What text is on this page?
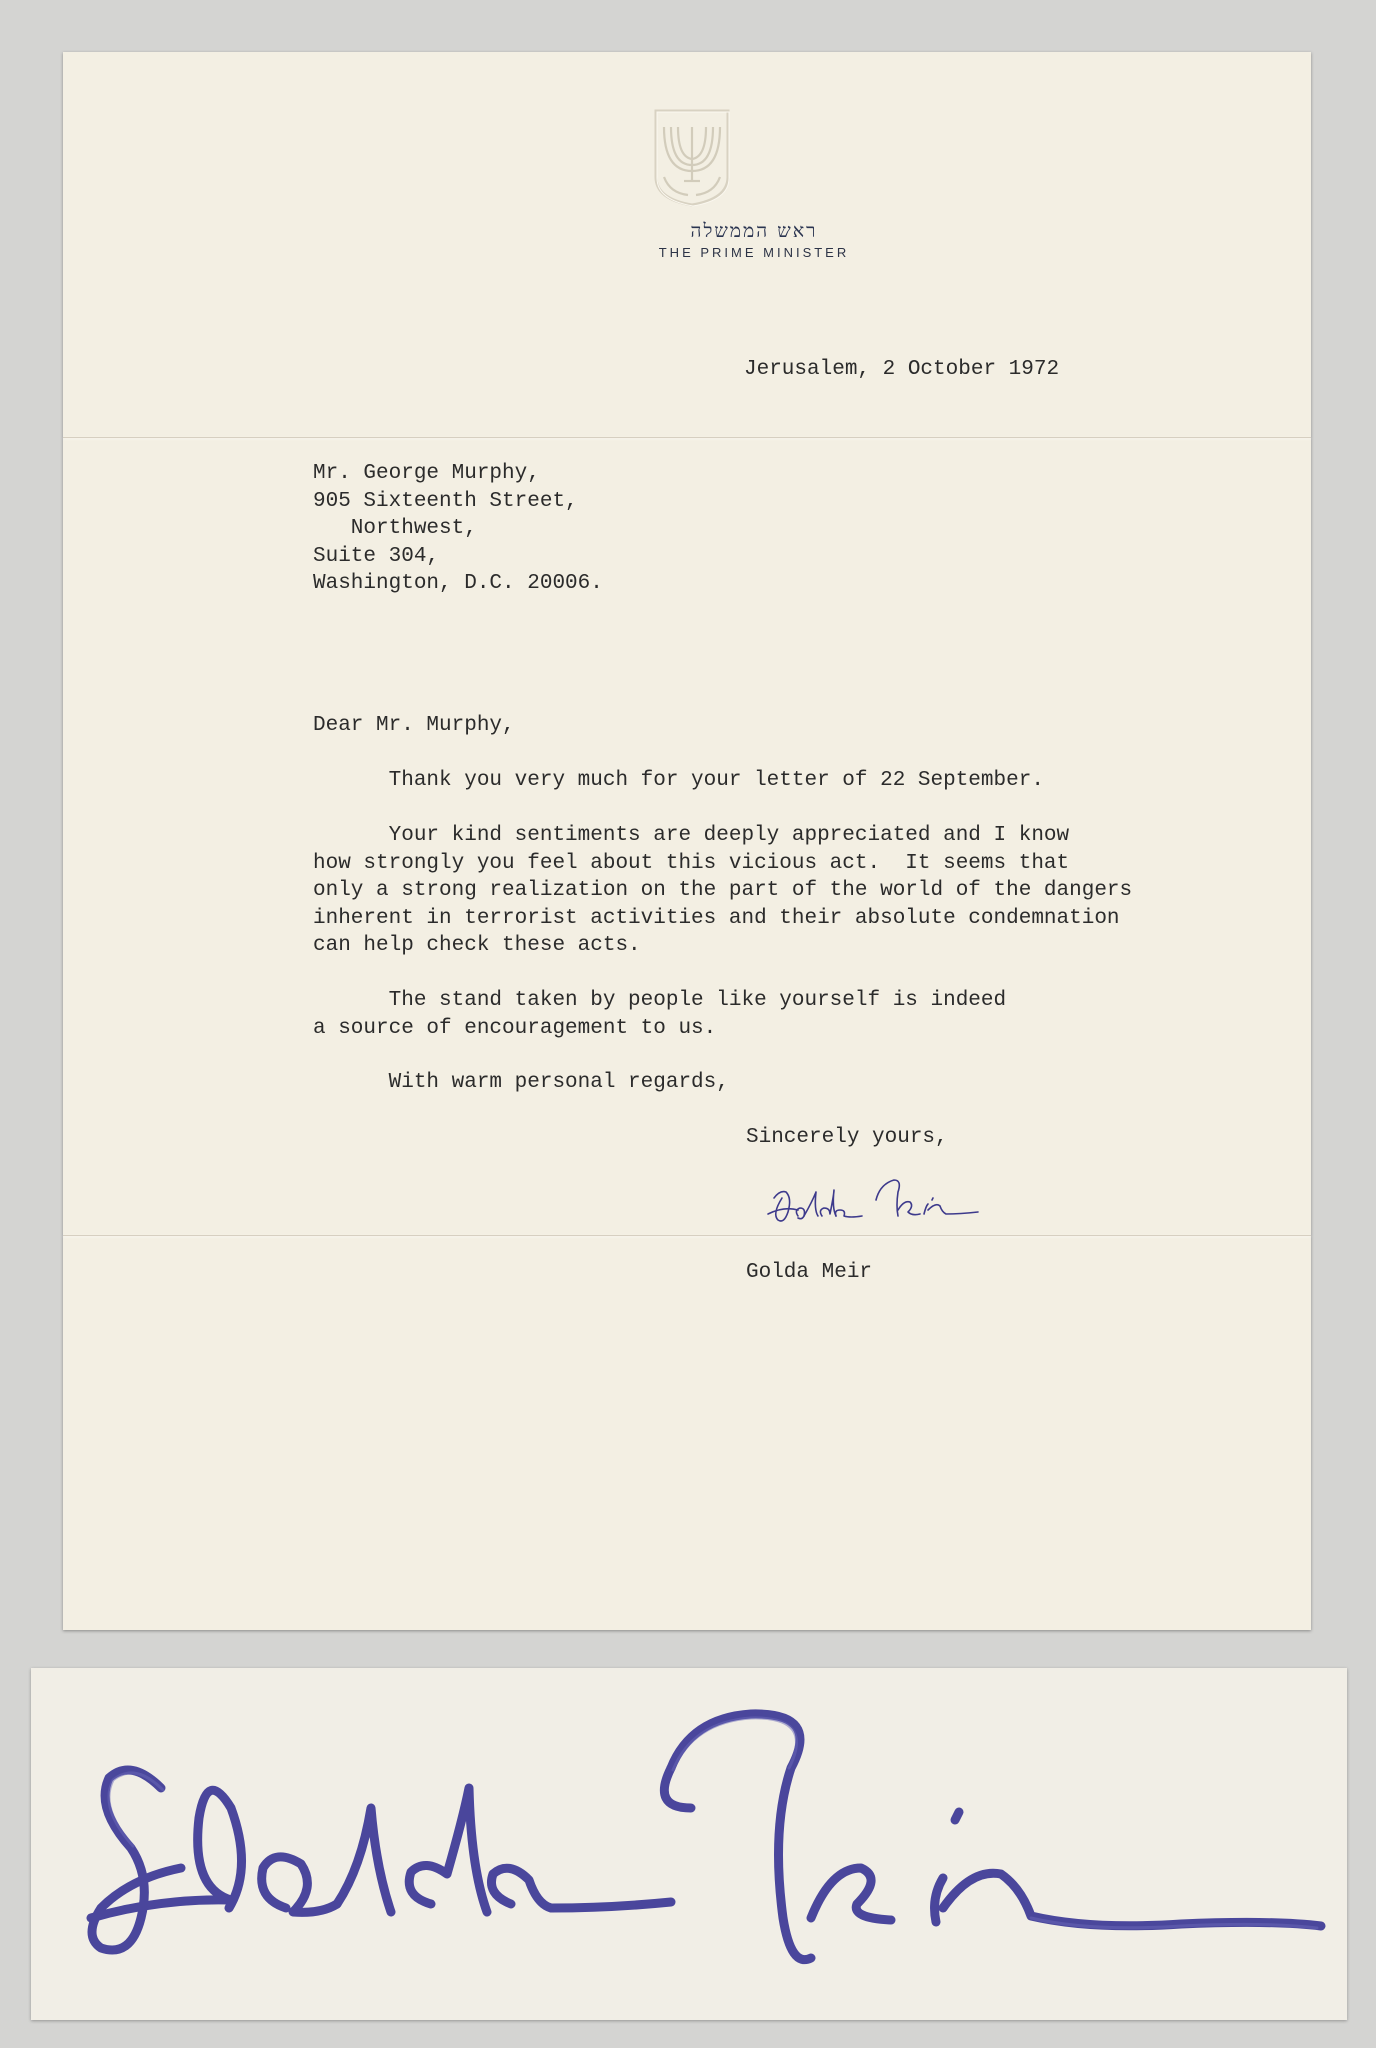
ראש הממשלה
THE PRIME MINISTER
Jerusalem, 2 October 1972
Mr. George Murphy,
905 Sixteenth Street,
Northwest,
Suite 304,
Washington, D.C. 20006.
Dear Mr. Murphy,
Thank you very much for your letter of 22 September.
Your kind sentiments are deeply appreciated and I know
how strongly you feel about this vicious act.  It seems that
only a strong realization on the part of the world of the dangers
inherent in terrorist activities and their absolute condemnation
can help check these acts.
The stand taken by people like yourself is indeed
a source of encouragement to us.
With warm personal regards,
Sincerely yours,
Golda Meir
